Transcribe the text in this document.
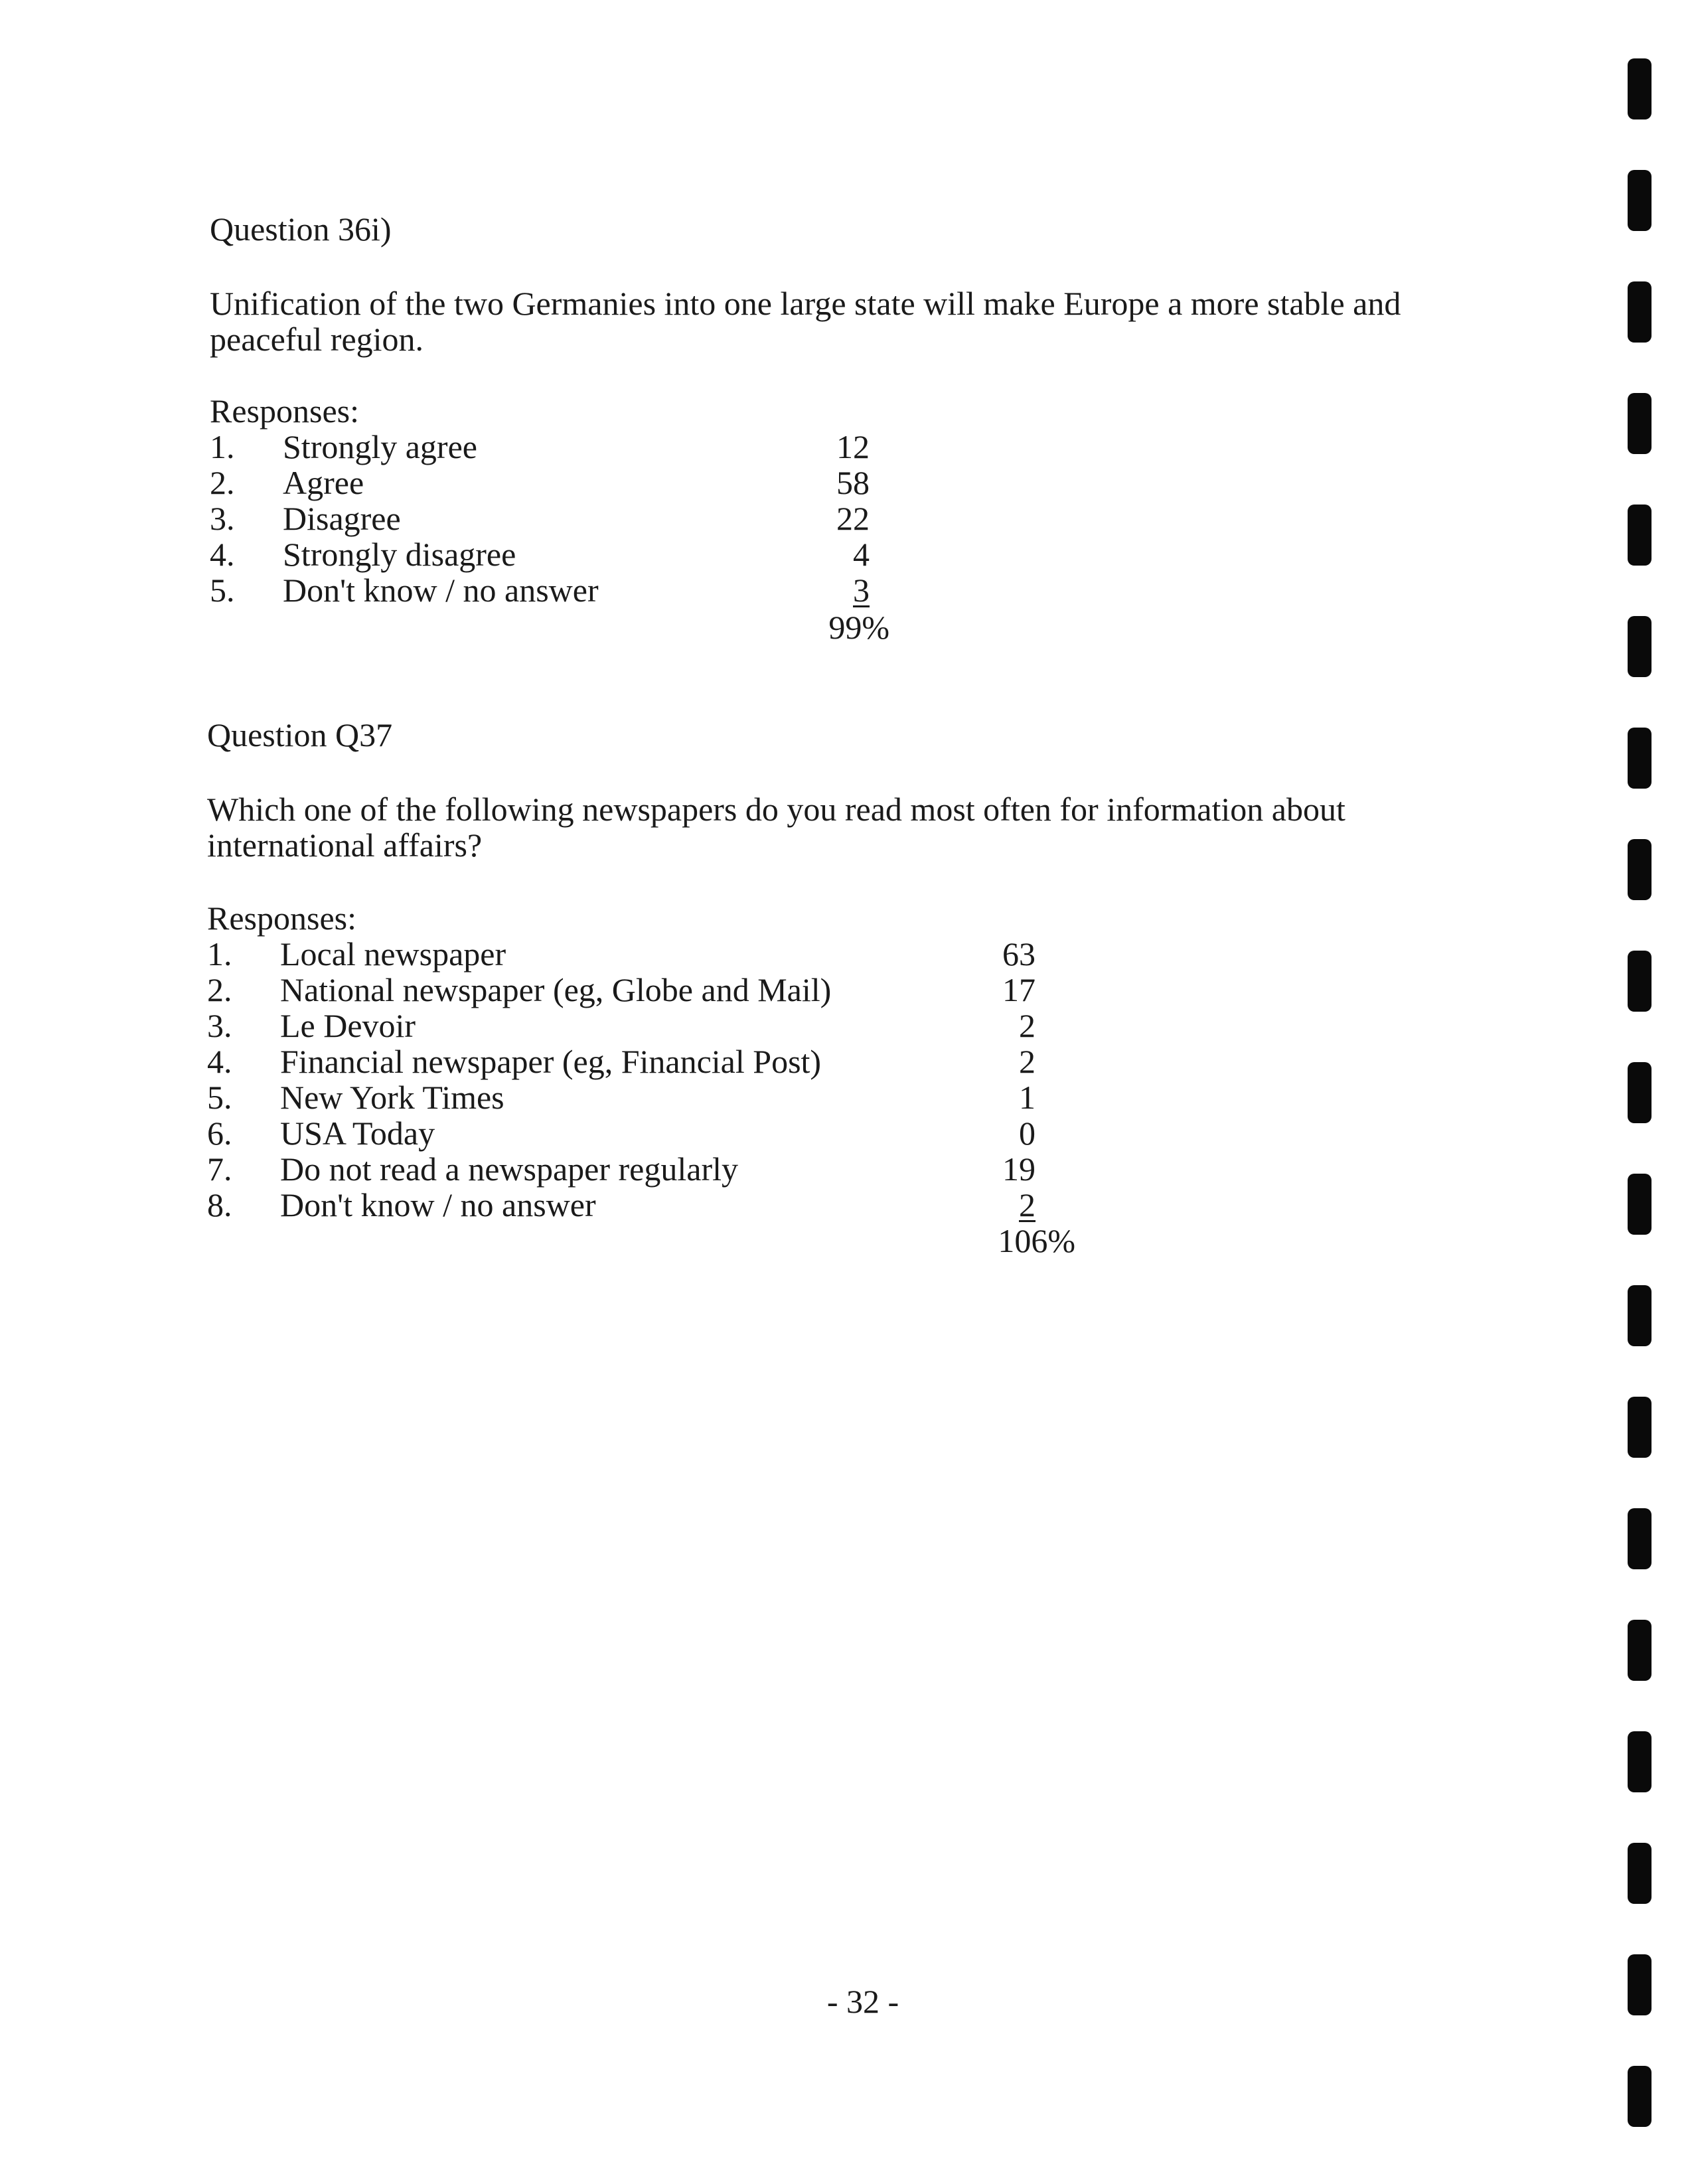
Question 36i)
Unification of the two Germanies into one large state will make Europe a more stable and peaceful region.
Responses:
1.	Strongly agree	12
2.	Agree	58
3.	Disagree	22
4.	Strongly disagree	4
5.	Don't know / no answer	3
99%
Question Q37
Which one of the following newspapers do you read most often for information about international affairs?
Responses:
1.	Local newspaper	63
2.	National newspaper (eg, Globe and Mail)	17
3.	Le Devoir	2
4.	Financial newspaper (eg, Financial Post)	2
5.	New York Times	1
6.	USA Today	0
7.	Do not read a newspaper regularly	19
8.	Don't know / no answer	2
106%
- 32 -
